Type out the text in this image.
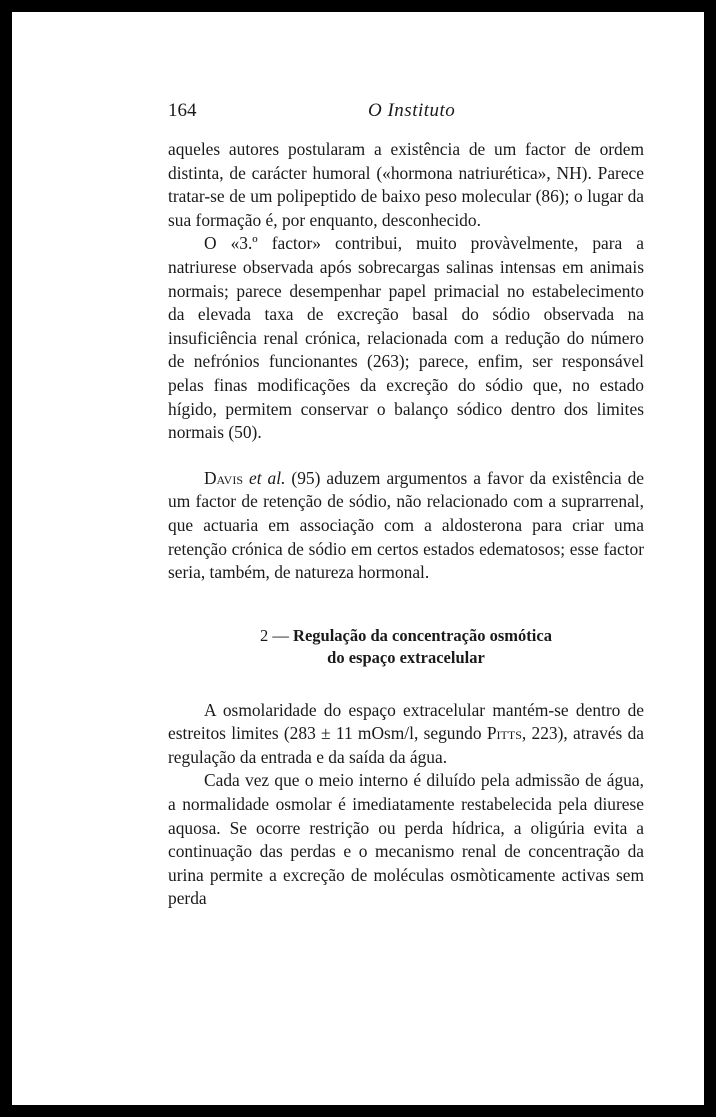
164	O Instituto

aqueles autores postularam a existência de um factor de ordem distinta, de carácter humoral («hormona natriurética», NH). Parece tratar-se de um polipeptido de baixo peso molecular (86); o lugar da sua formação é, por enquanto, desconhecido.

O «3.º factor» contribui, muito provàvelmente, para a natriurese observada após sobrecargas salinas intensas em animais normais; parece desempenhar papel primacial no estabelecimento da elevada taxa de excreção basal do sódio observada na insuficiência renal crónica, relacionada com a redução do número de nefrónios funcionantes (263); parece, enfim, ser responsável pelas finas modificações da excreção do sódio que, no estado hígido, permitem conservar o balanço sódico dentro dos limites normais (50).

Davis et al. (95) aduzem argumentos a favor da existência de um factor de retenção de sódio, não relacionado com a suprarrenal, que actuaria em associação com a aldosterona para criar uma retenção crónica de sódio em certos estados edematosos; esse factor seria, também, de natureza hormonal.

2 — Regulação da concentração osmótica
do espaço extracelular

A osmolaridade do espaço extracelular mantém-se dentro de estreitos limites (283 ± 11 mOsm/l, segundo Pitts, 223), através da regulação da entrada e da saída da água.

Cada vez que o meio interno é diluído pela admissão de água, a normalidade osmolar é imediatamente restabelecida pela diurese aquosa. Se ocorre restrição ou perda hídrica, a oligúria evita a continuação das perdas e o mecanismo renal de concentração da urina permite a excreção de moléculas osmòticamente activas sem perda
